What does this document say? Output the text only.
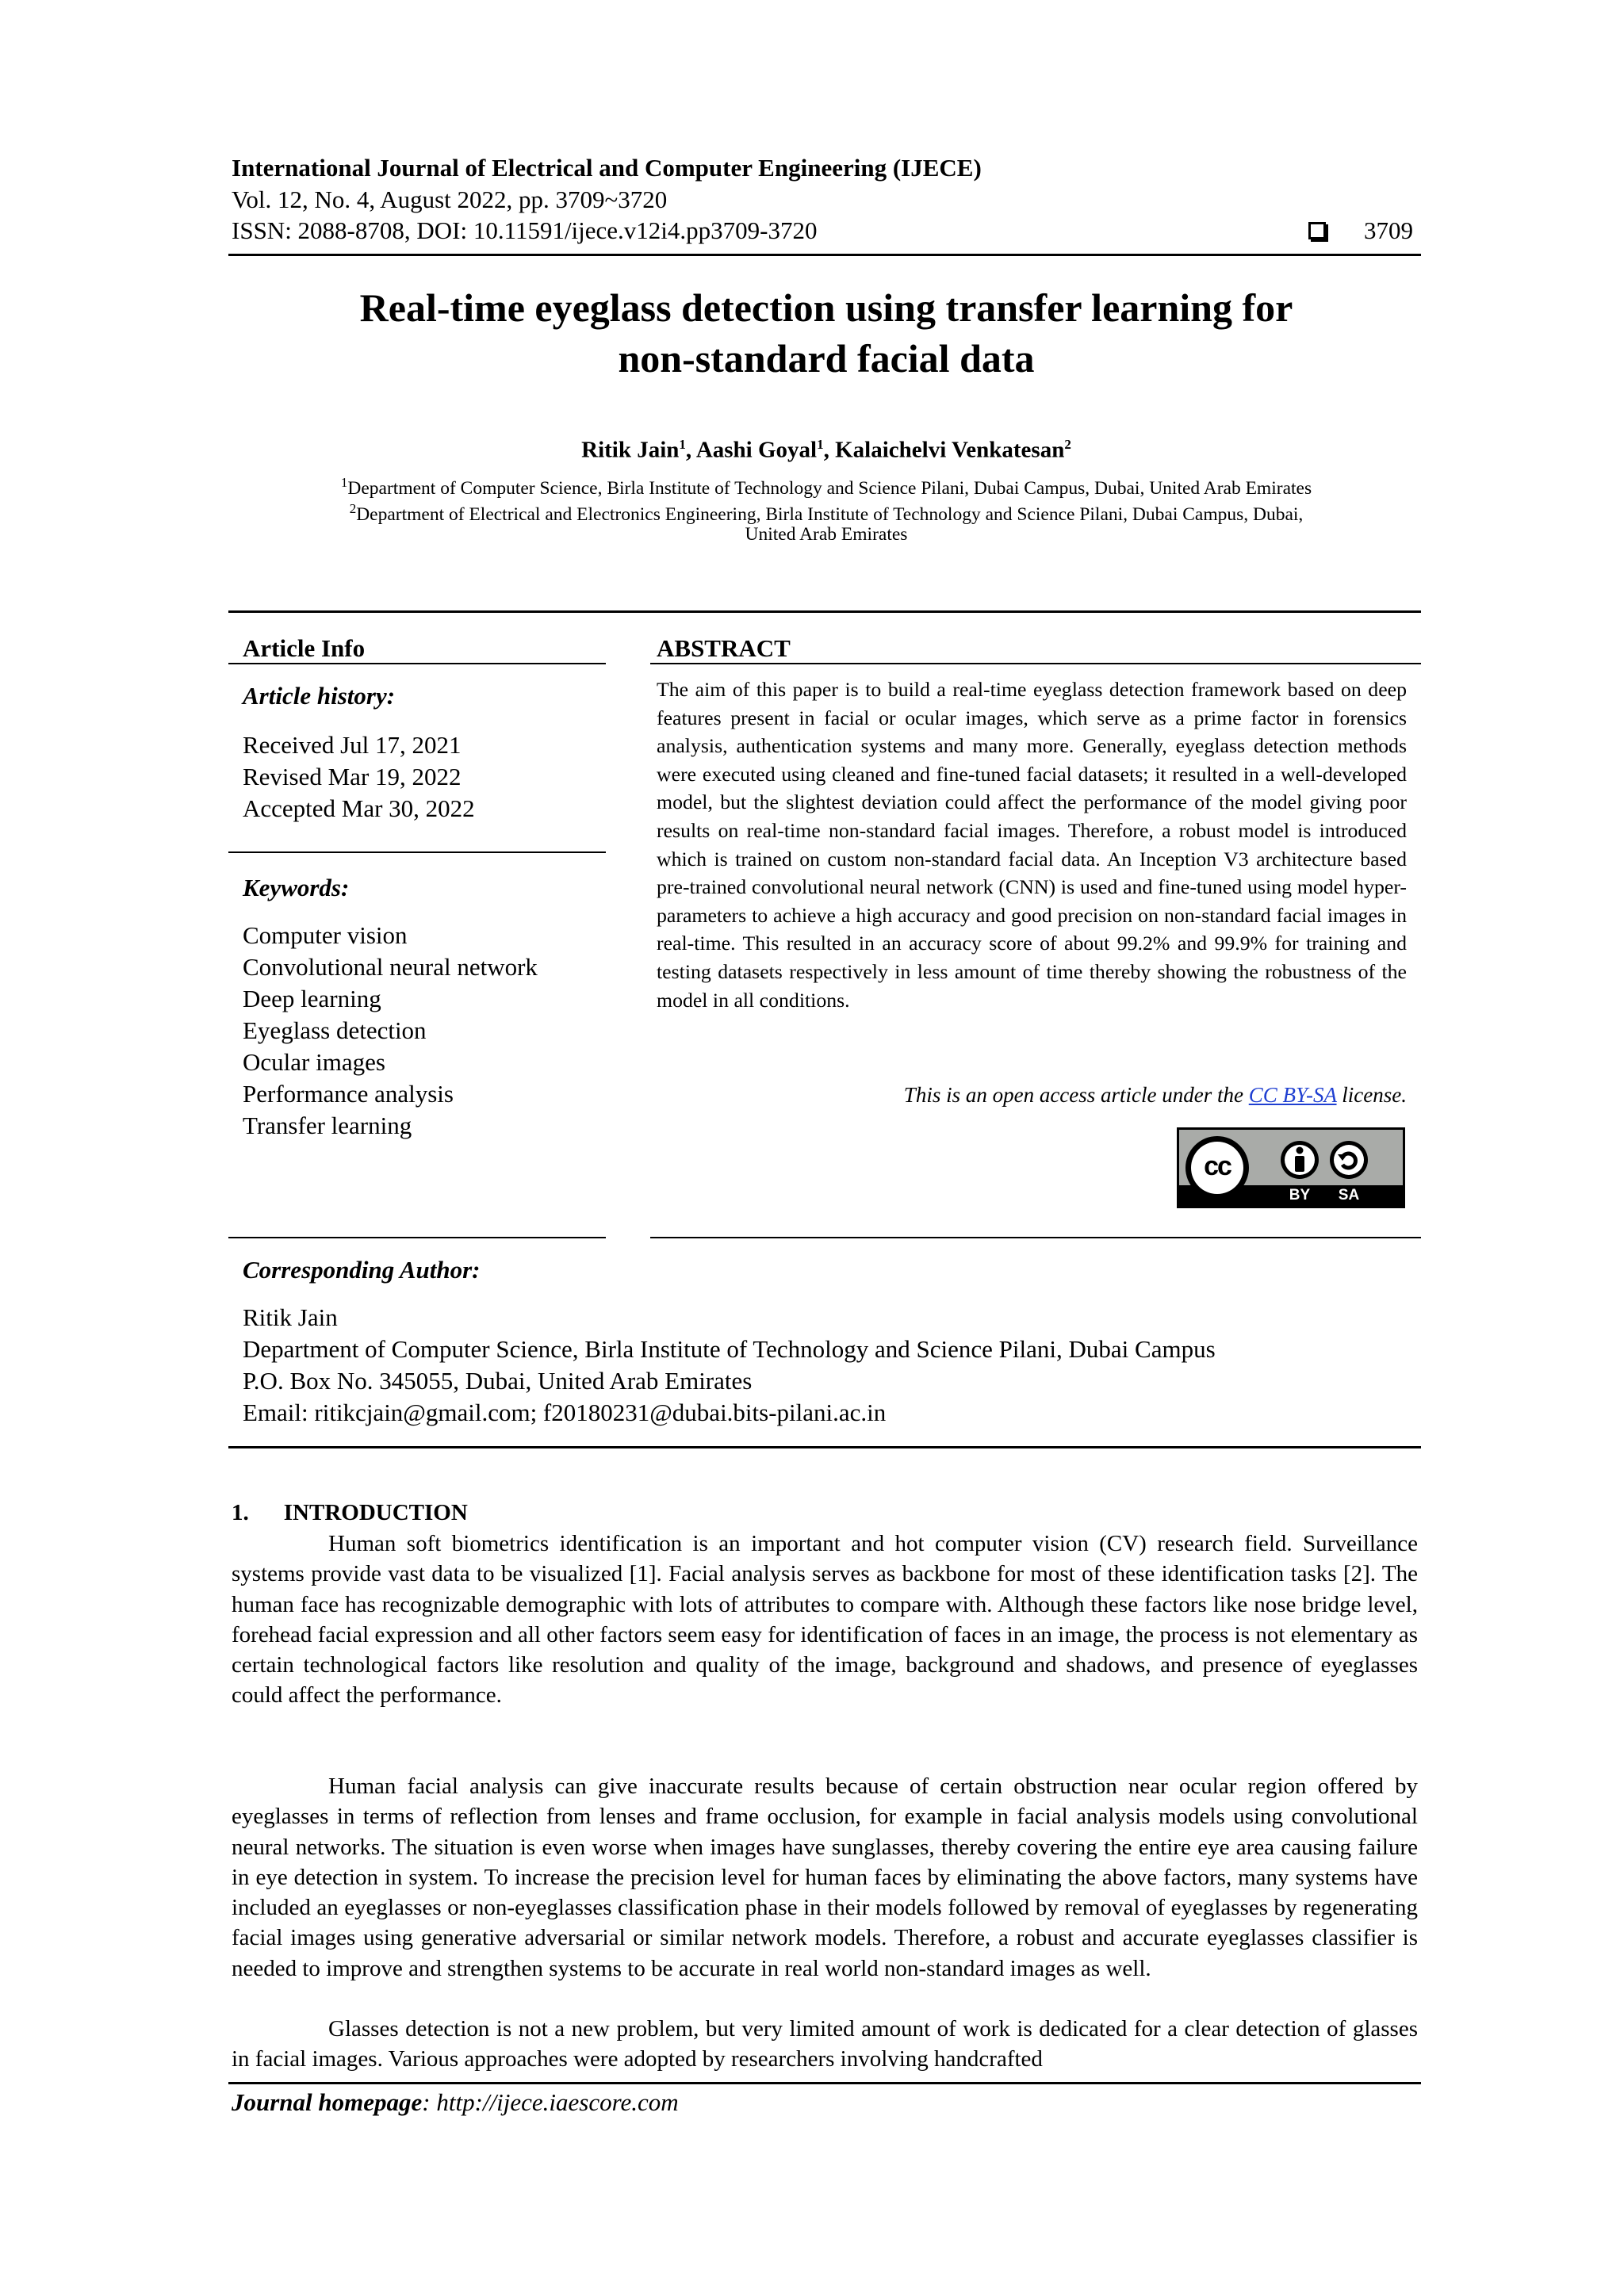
International Journal of Electrical and Computer Engineering (IJECE)
Vol. 12, No. 4, August 2022, pp. 3709~3720
ISSN: 2088-8708, DOI: 10.11591/ijece.v12i4.pp3709-3720	3709
Real-time eyeglass detection using transfer learning for
non-standard facial data
Ritik Jain$^1$, Aashi Goyal$^1$, Kalaichelvi Venkatesan$^2$
$^1$Department of Computer Science, Birla Institute of Technology and Science Pilani, Dubai Campus, Dubai, United Arab Emirates
$^2$Department of Electrical and Electronics Engineering, Birla Institute of Technology and Science Pilani, Dubai Campus, Dubai,
United Arab Emirates
Article Info
Article history:
Received Jul 17, 2021
Revised Mar 19, 2022
Accepted Mar 30, 2022
Keywords:
Computer vision
Convolutional neural network
Deep learning
Eyeglass detection
Ocular images
Performance analysis
Transfer learning
ABSTRACT
The aim of this paper is to build a real-time eyeglass detection framework based on deep features present in facial or ocular images, which serve as a prime factor in forensics analysis, authentication systems and many more. Generally, eyeglass detection methods were executed using cleaned and fine-tuned facial datasets; it resulted in a well-developed model, but the slightest deviation could affect the performance of the model giving poor results on real-time non-standard facial images. Therefore, a robust model is introduced which is trained on custom non-standard facial data. An Inception V3 architecture based pre-trained convolutional neural network (CNN) is used and fine-tuned using model hyper-parameters to achieve a high accuracy and good precision on non-standard facial images in real-time. This resulted in an accuracy score of about 99.2% and 99.9% for training and testing datasets respectively in less amount of time thereby showing the robustness of the model in all conditions.
This is an open access article under the CC BY-SA license.
cc
BY	SA
Corresponding Author:
Ritik Jain
Department of Computer Science, Birla Institute of Technology and Science Pilani, Dubai Campus
P.O. Box No. 345055, Dubai, United Arab Emirates
Email: ritikcjain@gmail.com; f20180231@dubai.bits-pilani.ac.in
1. INTRODUCTION
Human soft biometrics identification is an important and hot computer vision (CV) research field. Surveillance systems provide vast data to be visualized [1]. Facial analysis serves as backbone for most of these identification tasks [2]. The human face has recognizable demographic with lots of attributes to compare with. Although these factors like nose bridge level, forehead facial expression and all other factors seem easy for identification of faces in an image, the process is not elementary as certain technological factors like resolution and quality of the image, background and shadows, and presence of eyeglasses could affect the performance.
Human facial analysis can give inaccurate results because of certain obstruction near ocular region offered by eyeglasses in terms of reflection from lenses and frame occlusion, for example in facial analysis models using convolutional neural networks. The situation is even worse when images have sunglasses, thereby covering the entire eye area causing failure in eye detection in system. To increase the precision level for human faces by eliminating the above factors, many systems have included an eyeglasses or non-eyeglasses classification phase in their models followed by removal of eyeglasses by regenerating facial images using generative adversarial or similar network models. Therefore, a robust and accurate eyeglasses classifier is needed to improve and strengthen systems to be accurate in real world non-standard images as well.
Glasses detection is not a new problem, but very limited amount of work is dedicated for a clear detection of glasses in facial images. Various approaches were adopted by researchers involving handcrafted
Journal homepage: http://ijece.iaescore.com
